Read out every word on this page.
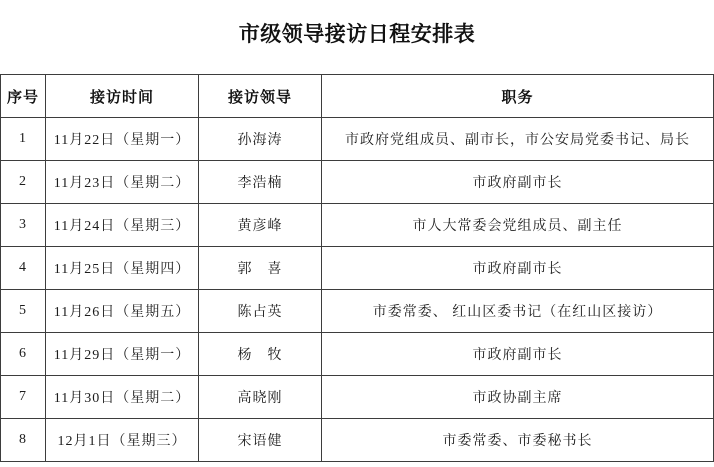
市级领导接访日程安排表
序号	接访时间	接访领导	职务
1	11月22日（星期一）	孙海涛	市政府党组成员、副市长，市公安局党委书记、局长
2	11月23日（星期二）	李浩楠	市政府副市长
3	11月24日（星期三）	黄彦峰	市人大常委会党组成员、副主任
4	11月25日（星期四）	郭　喜	市政府副市长
5	11月26日（星期五）	陈占英	市委常委、 红山区委书记（在红山区接访）
6	11月29日（星期一）	杨　牧	市政府副市长
7	11月30日（星期二）	高晓刚	市政协副主席
8	12月1日（星期三）	宋语健	市委常委、市委秘书长
